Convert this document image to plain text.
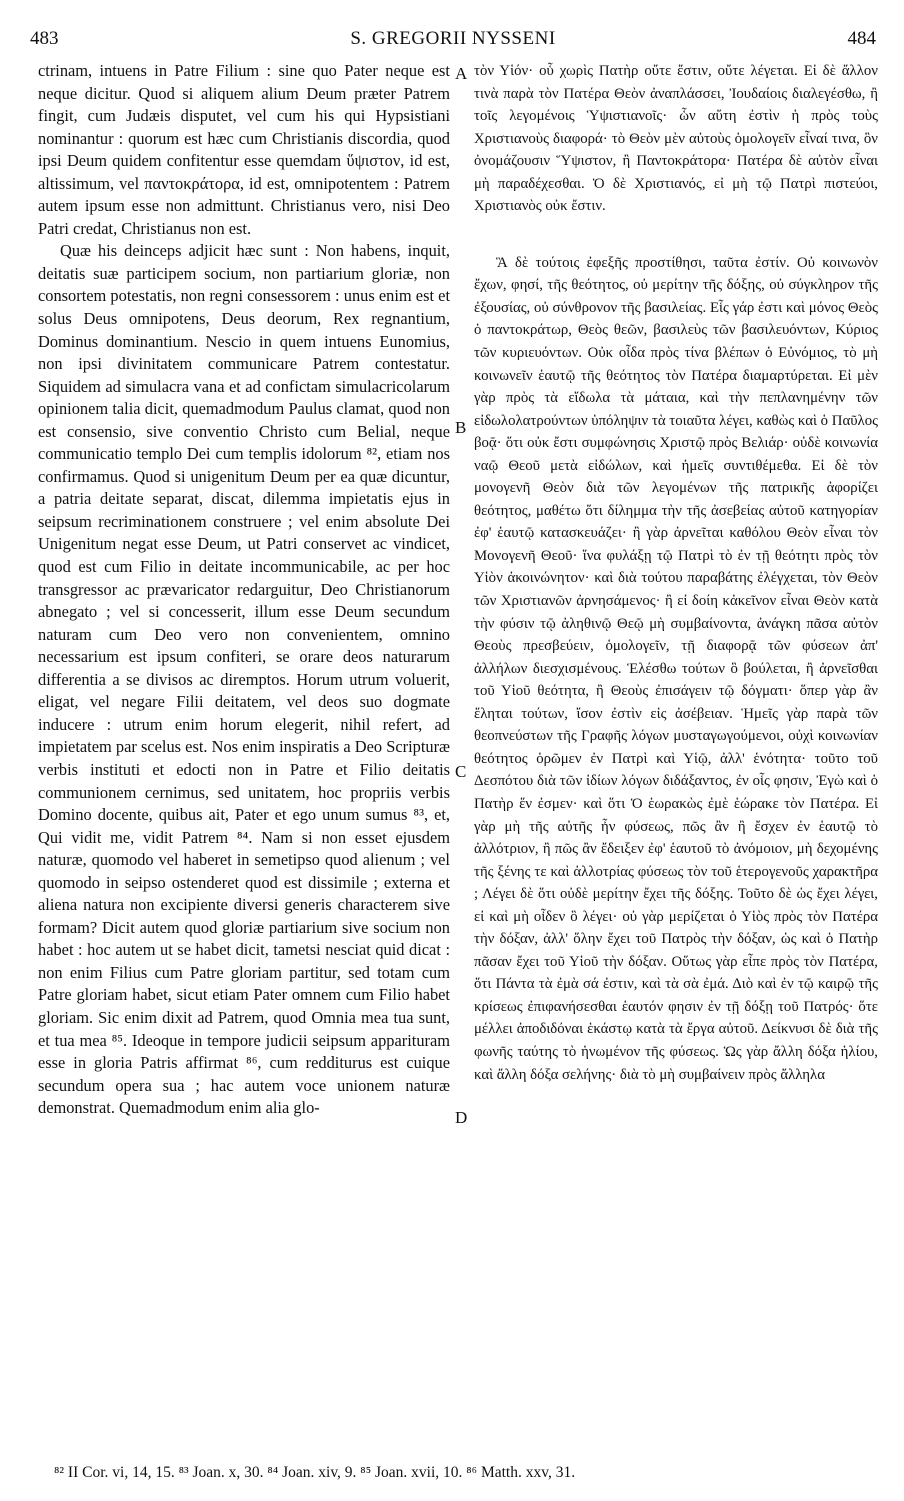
483	S. GREGORII NYSSENI	484

ctrinam, intuens in Patre Filium : sine quo Pater neque est neque dicitur. Quod si aliquem alium Deum præter Patrem fingit, cum Judæis disputet, vel cum his qui Hypsistiani nominantur : quorum est hæc cum Christianis discordia, quod ipsi Deum quidem confitentur esse quemdam ὕψιστον, id est, altissimum, vel παντοκράτορα, id est, omnipotentem : Patrem autem ipsum esse non admittunt. Christianus vero, nisi Deo Patri credat, Christianus non est.

Quæ his deinceps adjicit hæc sunt : Non habens, inquit, deitatis suæ participem socium, non partiarium gloriæ, non consortem potestatis, non regni consessorem : unus enim est et solus Deus omnipotens, Deus deorum, Rex regnantium, Dominus dominantium. Nescio in quem intuens Eunomius, non ipsi divinitatem communicare Patrem contestatur. Siquidem ad simulacra vana et ad confictam simulacricolarum opinionem talia dicit, quemadmodum Paulus clamat, quod non est consensio, sive conventio Christo cum Belial, neque communicatio templo Dei cum templis idolorum ⁸², etiam nos confirmamus. Quod si unigenitum Deum per ea quæ dicuntur, a patria deitate separat, discat, dilemma impietatis ejus in seipsum recriminationem construere ; vel enim absolute Dei Unigenitum negat esse Deum, ut Patri conservet ac vindicet, quod est cum Filio in deitate incommunicabile, ac per hoc transgressor ac prævaricator redarguitur, Deo Christianorum abnegato ; vel si concesserit, illum esse Deum secundum naturam cum Deo vero non convenientem, omnino necessarium est ipsum confiteri, se orare deos naturarum differentia a se divisos ac diremptos. Horum utrum voluerit, eligat, vel negare Filii deitatem, vel deos suo dogmate inducere : utrum enim horum elegerit, nihil refert, ad impietatem par scelus est. Nos enim inspiratis a Deo Scripturæ verbis instituti et edocti non in Patre et Filio deitatis communionem cernimus, sed unitatem, hoc propriis verbis Domino docente, quibus ait, Pater et ego unum sumus ⁸³, et, Qui vidit me, vidit Patrem ⁸⁴. Nam si non esset ejusdem naturæ, quomodo vel haberet in semetipso quod alienum ; vel quomodo in seipso ostenderet quod est dissimile ; externa et aliena natura non excipiente diversi generis characterem sive formam? Dicit autem quod gloriæ partiarium sive socium non habet : hoc autem ut se habet dicit, tametsi nesciat quid dicat : non enim Filius cum Patre gloriam partitur, sed totam cum Patre gloriam habet, sicut etiam Pater omnem cum Filio habet gloriam. Sic enim dixit ad Patrem, quod Omnia mea tua sunt, et tua mea ⁸⁵. Ideoque in tempore judicii seipsum apparituram esse in gloria Patris affirmat ⁸⁶, cum redditurus est cuique secundum opera sua ; hac autem voce unionem naturæ demonstrat. Quemadmodum enim alia glo-

τὸν Υἱόν· οὗ χωρὶς Πατὴρ οὔτε ἔστιν, οὔτε λέγεται. Εἰ δὲ ἄλλον τινὰ παρὰ τὸν Πατέρα Θεὸν ἀναπλάσσει, Ἰουδαίοις διαλεγέσθω, ἢ τοῖς λεγομένοις Ὑψιστιανοῖς· ὧν αὕτη ἐστὶν ἡ πρὸς τοὺς Χριστιανοὺς διαφορά· τὸ Θεὸν μὲν αὐτοὺς ὁμολογεῖν εἶναί τινα, ὃν ὀνομάζουσιν Ὕψιστον, ἢ Παντοκράτορα· Πατέρα δὲ αὐτὸν εἶναι μὴ παραδέχεσθαι. Ὁ δὲ Χριστιανός, εἰ μὴ τῷ Πατρὶ πιστεύοι, Χριστιανὸς οὐκ ἔστιν.

Ἃ δὲ τούτοις ἐφεξῆς προστίθησι, ταῦτα ἐστίν. Οὐ κοινωνὸν ἔχων, φησί, τῆς θεότητος, οὐ μερίτην τῆς δόξης, οὐ σύγκληρον τῆς ἐξουσίας, οὐ σύνθρονον τῆς βασιλείας. Εἷς γάρ ἐστι καὶ μόνος Θεὸς ὁ παντοκράτωρ, Θεὸς θεῶν, βασιλεὺς τῶν βασιλευόντων, Κύριος τῶν κυριευόντων. Οὐκ οἶδα πρὸς τίνα βλέπων ὁ Εὐνόμιος, τὸ μὴ κοινωνεῖν ἑαυτῷ τῆς θεότητος τὸν Πατέρα διαμαρτύρεται. Εἰ μὲν γὰρ πρὸς τὰ εἴδωλα τὰ μάταια, καὶ τὴν πεπλανημένην τῶν εἰδωλολατρούντων ὑπόληψιν τὰ τοιαῦτα λέγει, καθὼς καὶ ὁ Παῦλος βοᾷ· ὅτι οὐκ ἔστι συμφώνησις Χριστῷ πρὸς Βελιάρ· οὐδὲ κοινωνία ναῷ Θεοῦ μετὰ εἰδώλων, καὶ ἡμεῖς συντιθέμεθα. Εἰ δὲ τὸν μονογενῆ Θεὸν διὰ τῶν λεγομένων τῆς πατρικῆς ἀφορίζει θεότητος, μαθέτω ὅτι δίλημμα τὴν τῆς ἀσεβείας αὐτοῦ κατηγορίαν ἐφ' ἑαυτῷ κατασκευάζει· ἢ γὰρ ἀρνεῖται καθόλου Θεὸν εἶναι τὸν Μονογενῆ Θεοῦ· ἵνα φυλάξῃ τῷ Πατρὶ τὸ ἐν τῇ θεότητι πρὸς τὸν Υἱὸν ἀκοινώνητον· καὶ διὰ τούτου παραβάτης ἐλέγχεται, τὸν Θεὸν τῶν Χριστιανῶν ἀρνησάμενος· ἢ εἰ δοίη κἀκεῖνον εἶναι Θεὸν κατὰ τὴν φύσιν τῷ ἀληθινῷ Θεῷ μὴ συμβαίνοντα, ἀνάγκη πᾶσα αὐτὸν Θεοὺς πρεσβεύειν, ὁμολογεῖν, τῇ διαφορᾷ τῶν φύσεων ἀπ' ἀλλήλων διεσχισμένους. Ἑλέσθω τούτων ὃ βούλεται, ἢ ἀρνεῖσθαι τοῦ Υἱοῦ θεότητα, ἢ Θεοὺς ἐπισάγειν τῷ δόγματι· ὅπερ γὰρ ἂν ἕληται τούτων, ἴσον ἐστὶν εἰς ἀσέβειαν. Ἡμεῖς γὰρ παρὰ τῶν θεοπνεύστων τῆς Γραφῆς λόγων μυσταγωγούμενοι, οὐχὶ κοινωνίαν θεότητος ὁρῶμεν ἐν Πατρὶ καὶ Υἱῷ, ἀλλ' ἑνότητα· τοῦτο τοῦ Δεσπότου διὰ τῶν ἰδίων λόγων διδάξαντος, ἐν οἷς φησιν, Ἐγὼ καὶ ὁ Πατὴρ ἕν ἐσμεν· καὶ ὅτι Ὁ ἑωρακὼς ἐμὲ ἑώρακε τὸν Πατέρα. Εἰ γὰρ μὴ τῆς αὐτῆς ἦν φύσεως, πῶς ἂν ἢ ἔσχεν ἐν ἑαυτῷ τὸ ἀλλότριον, ἢ πῶς ἂν ἔδειξεν ἐφ' ἑαυτοῦ τὸ ἀνόμοιον, μὴ δεχομένης τῆς ξένης τε καὶ ἀλλοτρίας φύσεως τὸν τοῦ ἑτερογενοῦς χαρακτῆρα ; Λέγει δὲ ὅτι οὐδὲ μερίτην ἔχει τῆς δόξης. Τοῦτο δὲ ὡς ἔχει λέγει, εἰ καὶ μὴ οἶδεν ὃ λέγει· οὐ γὰρ μερίζεται ὁ Υἱὸς πρὸς τὸν Πατέρα τὴν δόξαν, ἀλλ' ὅλην ἔχει τοῦ Πατρὸς τὴν δόξαν, ὡς καὶ ὁ Πατὴρ πᾶσαν ἔχει τοῦ Υἱοῦ τὴν δόξαν. Οὕτως γὰρ εἶπε πρὸς τὸν Πατέρα, ὅτι Πάντα τὰ ἐμὰ σά ἐστιν, καὶ τὰ σὰ ἐμά. Διὸ καὶ ἐν τῷ καιρῷ τῆς κρίσεως ἐπιφανήσεσθαι ἑαυτόν φησιν ἐν τῇ δόξῃ τοῦ Πατρός· ὅτε μέλλει ἀποδιδόναι ἑκάστῳ κατὰ τὰ ἔργα αὐτοῦ. Δείκνυσι δὲ διὰ τῆς φωνῆς ταύτης τὸ ἡνωμένον τῆς φύσεως. Ὡς γὰρ ἄλλη δόξα ἡλίου, καὶ ἄλλη δόξα σελήνης· διὰ τὸ μὴ συμβαίνειν πρὸς ἄλληλα

A
B
C
D
⁸² II Cor. vi, 14, 15. ⁸³ Joan. x, 30. ⁸⁴ Joan. xiv, 9. ⁸⁵ Joan. xvii, 10. ⁸⁶ Matth. xxv, 31.
